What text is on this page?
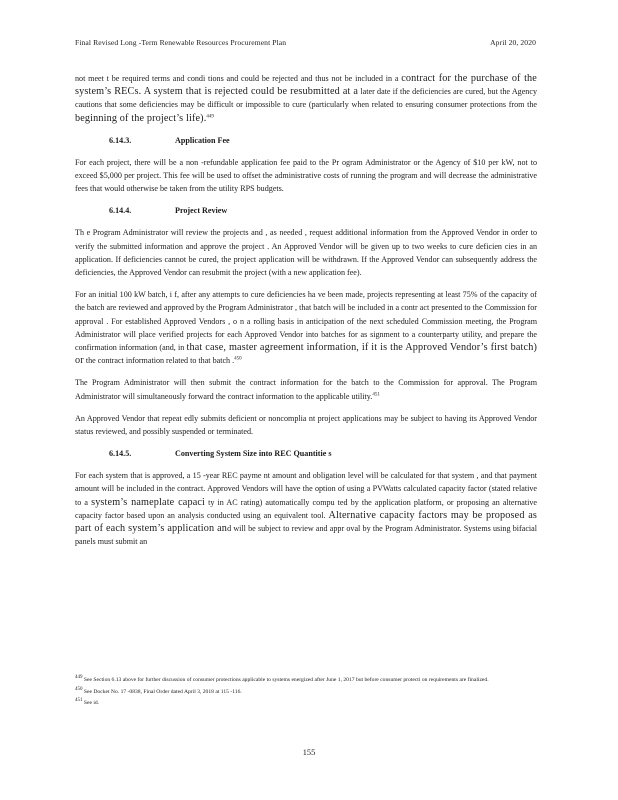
Final Revised Long -Term Renewable Resources Procurement Plan	April 20, 2020

not meet t be required terms and condi tions and could be rejected and thus not be included in a contract for the purchase of the system’s RECs. A system that is rejected could be resubmitted at a later date if the deficiencies are cured, but the Agency cautions that some deficiencies may be difficult or impossible to cure (particularly when related to ensuring consumer protections from the beginning of the project’s life).$^{449}$

6.14.3.	Application Fee

For each project, there will be a non -refundable application fee paid to the Pr ogram Administrator or the Agency of $10 per kW, not to exceed $5,000 per project. This fee will be used to offset the administrative costs of running the program and will decrease the administrative fees that would otherwise be taken from the utility RPS budgets.

6.14.4.	Project Review

Th e Program Administrator will review the projects and , as needed , request additional information from the Approved Vendor in order to verify the submitted information and approve the project . An Approved Vendor will be given up to two weeks to cure deficien cies in an application. If deficiencies cannot be cured, the project application will be withdrawn. If the Approved Vendor can subsequently address the deficiencies, the Approved Vendor can resubmit the project (with a new application fee).

For an initial 100 kW batch, i f, after any attempts to cure deficiencies ha ve been made, projects representing at least 75% of the capacity of the batch are reviewed and approved by the Program Administrator , that batch will be included in a contr act presented to the Commission for approval . For established Approved Vendors , o n a rolling basis in anticipation of the next scheduled Commission meeting, the Program Administrator will place verified projects for each Approved Vendor into batches for as signment to a counterparty utility, and prepare the confirmation information (and, in that case, master agreement information, if it is the Approved Vendor’s first batch) or the contract information related to that batch .$^{450}$

The Program Administrator will then submit the contract information for the batch to the Commission for approval. The Program Administrator will simultaneously forward the contract information to the applicable utility.$^{451}$

An Approved Vendor that repeat edly submits deficient or noncomplia nt project applications may be subject to having its Approved Vendor status reviewed, and possibly suspended or terminated.

6.14.5.	Converting System Size into REC Quantitie s

For each system that is approved, a 15 -year REC payme nt amount and obligation level will be calculated for that system , and that payment amount will be included in the contract. Approved Vendors will have the option of using a PVWatts calculated capacity factor (stated relative to a system’s nameplate capaci ty in AC rating) automatically compu ted by the application platform, or proposing an alternative capacity factor based upon an analysis conducted using an equivalent tool. Alternative capacity factors may be proposed as part of each system’s application and will be subject to review and appr oval by the Program Administrator. Systems using bifacial panels must submit an

$^{449}$ See Section 6.13 above for further discussion of consumer protections applicable to systems energized after June 1, 2017 but before consumer protecti on requirements are finalized.
$^{450}$ See Docket No. 17 -0838, Final Order dated April 3, 2018 at 115 -116.
$^{451}$ See id.
155
